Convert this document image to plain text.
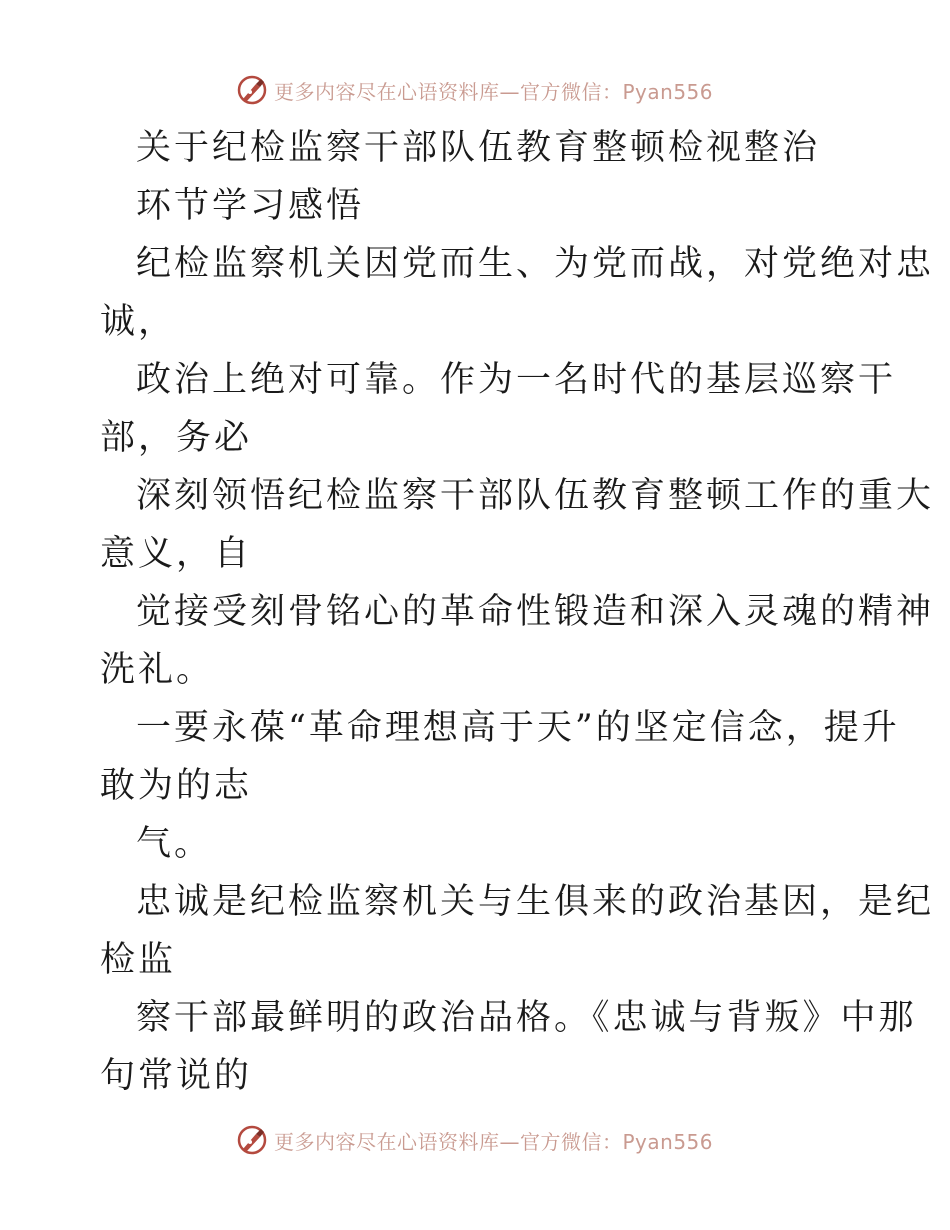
更多内容尽在心语资料库—官方微信：Pyan556
关于纪检监察干部队伍教育整顿检视整治
环节学习感悟
纪检监察机关因党而生、为党而战，对党绝对忠
诚，
政治上绝对可靠。作为一名时代的基层巡察干
部，务必
深刻领悟纪检监察干部队伍教育整顿工作的重大
意义，自
觉接受刻骨铭心的革命性锻造和深入灵魂的精神
洗礼。
一要永葆“革命理想高于天”的坚定信念，提升
敢为的志
气。
忠诚是纪检监察机关与生俱来的政治基因，是纪
检监
察干部最鲜明的政治品格。《忠诚与背叛》中那
句常说的
更多内容尽在心语资料库—官方微信：Pyan556
